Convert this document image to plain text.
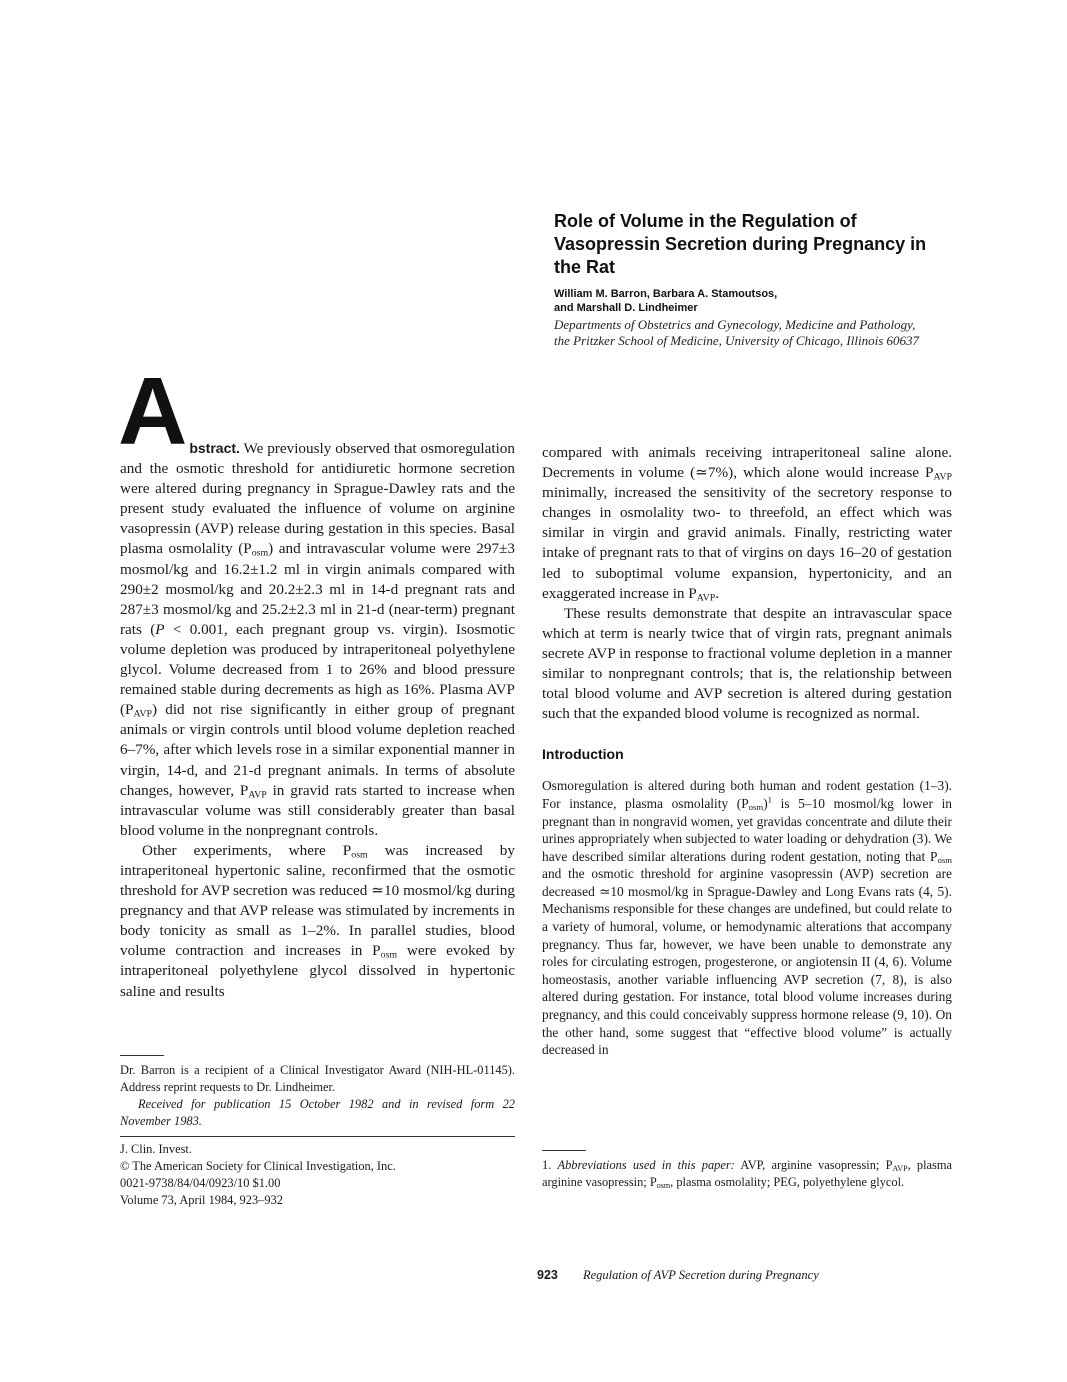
Role of Volume in the Regulation of Vasopressin Secretion during Pregnancy in the Rat
William M. Barron, Barbara A. Stamoutsos,
and Marshall D. Lindheimer
Departments of Obstetrics and Gynecology, Medicine and Pathology, the Pritzker School of Medicine, University of Chicago, Illinois 60637

Abstract. We previously observed that osmoregulation and the osmotic threshold for antidiuretic hormone secretion were altered during pregnancy in Sprague-Dawley rats and the present study evaluated the influence of volume on arginine vasopressin (AVP) release during gestation in this species. Basal plasma osmolality $(P_{osm})$ and intravascular volume were 297±3 mosmol/kg and 16.2±1.2 ml in virgin animals compared with 290±2 mosmol/kg and 20.2±2.3 ml in 14-d pregnant rats and 287±3 mosmol/kg and 25.2±2.3 ml in 21-d (near-term) pregnant rats (P < 0.001, each pregnant group vs. virgin). Isosmotic volume depletion was produced by intraperitoneal polyethylene glycol. Volume decreased from 1 to 26% and blood pressure remained stable during decrements as high as 16%. Plasma AVP $(P_{AVP})$ did not rise significantly in either group of pregnant animals or virgin controls until blood volume depletion reached 6–7%, after which levels rose in a similar exponential manner in virgin, 14-d, and 21-d pregnant animals. In terms of absolute changes, however, $P_{AVP}$ in gravid rats started to increase when intravascular volume was still considerably greater than basal blood volume in the nonpregnant controls.

Other experiments, where $P_{osm}$ was increased by intraperitoneal hypertonic saline, reconfirmed that the osmotic threshold for AVP secretion was reduced ≃10 mosmol/kg during pregnancy and that AVP release was stimulated by increments in body tonicity as small as 1–2%. In parallel studies, blood volume contraction and increases in $P_{osm}$ were evoked by intraperitoneal polyethylene glycol dissolved in hypertonic saline and results

Dr. Barron is a recipient of a Clinical Investigator Award (NIH-HL-01145). Address reprint requests to Dr. Lindheimer.

Received for publication 15 October 1982 and in revised form 22 November 1983.

J. Clin. Invest.

© The American Society for Clinical Investigation, Inc.

0021-9738/84/04/0923/10 $1.00

Volume 73, April 1984, 923–932

compared with animals receiving intraperitoneal saline alone. Decrements in volume (≃7%), which alone would increase $P_{AVP}$ minimally, increased the sensitivity of the secretory response to changes in osmolality two- to threefold, an effect which was similar in virgin and gravid animals. Finally, restricting water intake of pregnant rats to that of virgins on days 16–20 of gestation led to suboptimal volume expansion, hypertonicity, and an exaggerated increase in $P_{AVP}$.

These results demonstrate that despite an intravascular space which at term is nearly twice that of virgin rats, pregnant animals secrete AVP in response to fractional volume depletion in a manner similar to nonpregnant controls; that is, the relationship between total blood volume and AVP secretion is altered during gestation such that the expanded blood volume is recognized as normal.

Introduction

Osmoregulation is altered during both human and rodent gestation (1–3). For instance, plasma osmolality $(P_{osm})^1$ is 5–10 mosmol/kg lower in pregnant than in nongravid women, yet gravidas concentrate and dilute their urines appropriately when subjected to water loading or dehydration (3). We have described similar alterations during rodent gestation, noting that $P_{osm}$ and the osmotic threshold for arginine vasopressin (AVP) secretion are decreased ≃10 mosmol/kg in Sprague-Dawley and Long Evans rats (4, 5). Mechanisms responsible for these changes are undefined, but could relate to a variety of humoral, volume, or hemodynamic alterations that accompany pregnancy. Thus far, however, we have been unable to demonstrate any roles for circulating estrogen, progesterone, or angiotensin II (4, 6). Volume homeostasis, another variable influencing AVP secretion (7, 8), is also altered during gestation. For instance, total blood volume increases during pregnancy, and this could conceivably suppress hormone release (9, 10). On the other hand, some suggest that “effective blood volume” is actually decreased in

1. Abbreviations used in this paper: AVP, arginine vasopressin; $P_{AVP}$, plasma arginine vasopressin; $P_{osm}$, plasma osmolality; PEG, polyethylene glycol.

923 Regulation of AVP Secretion during Pregnancy
